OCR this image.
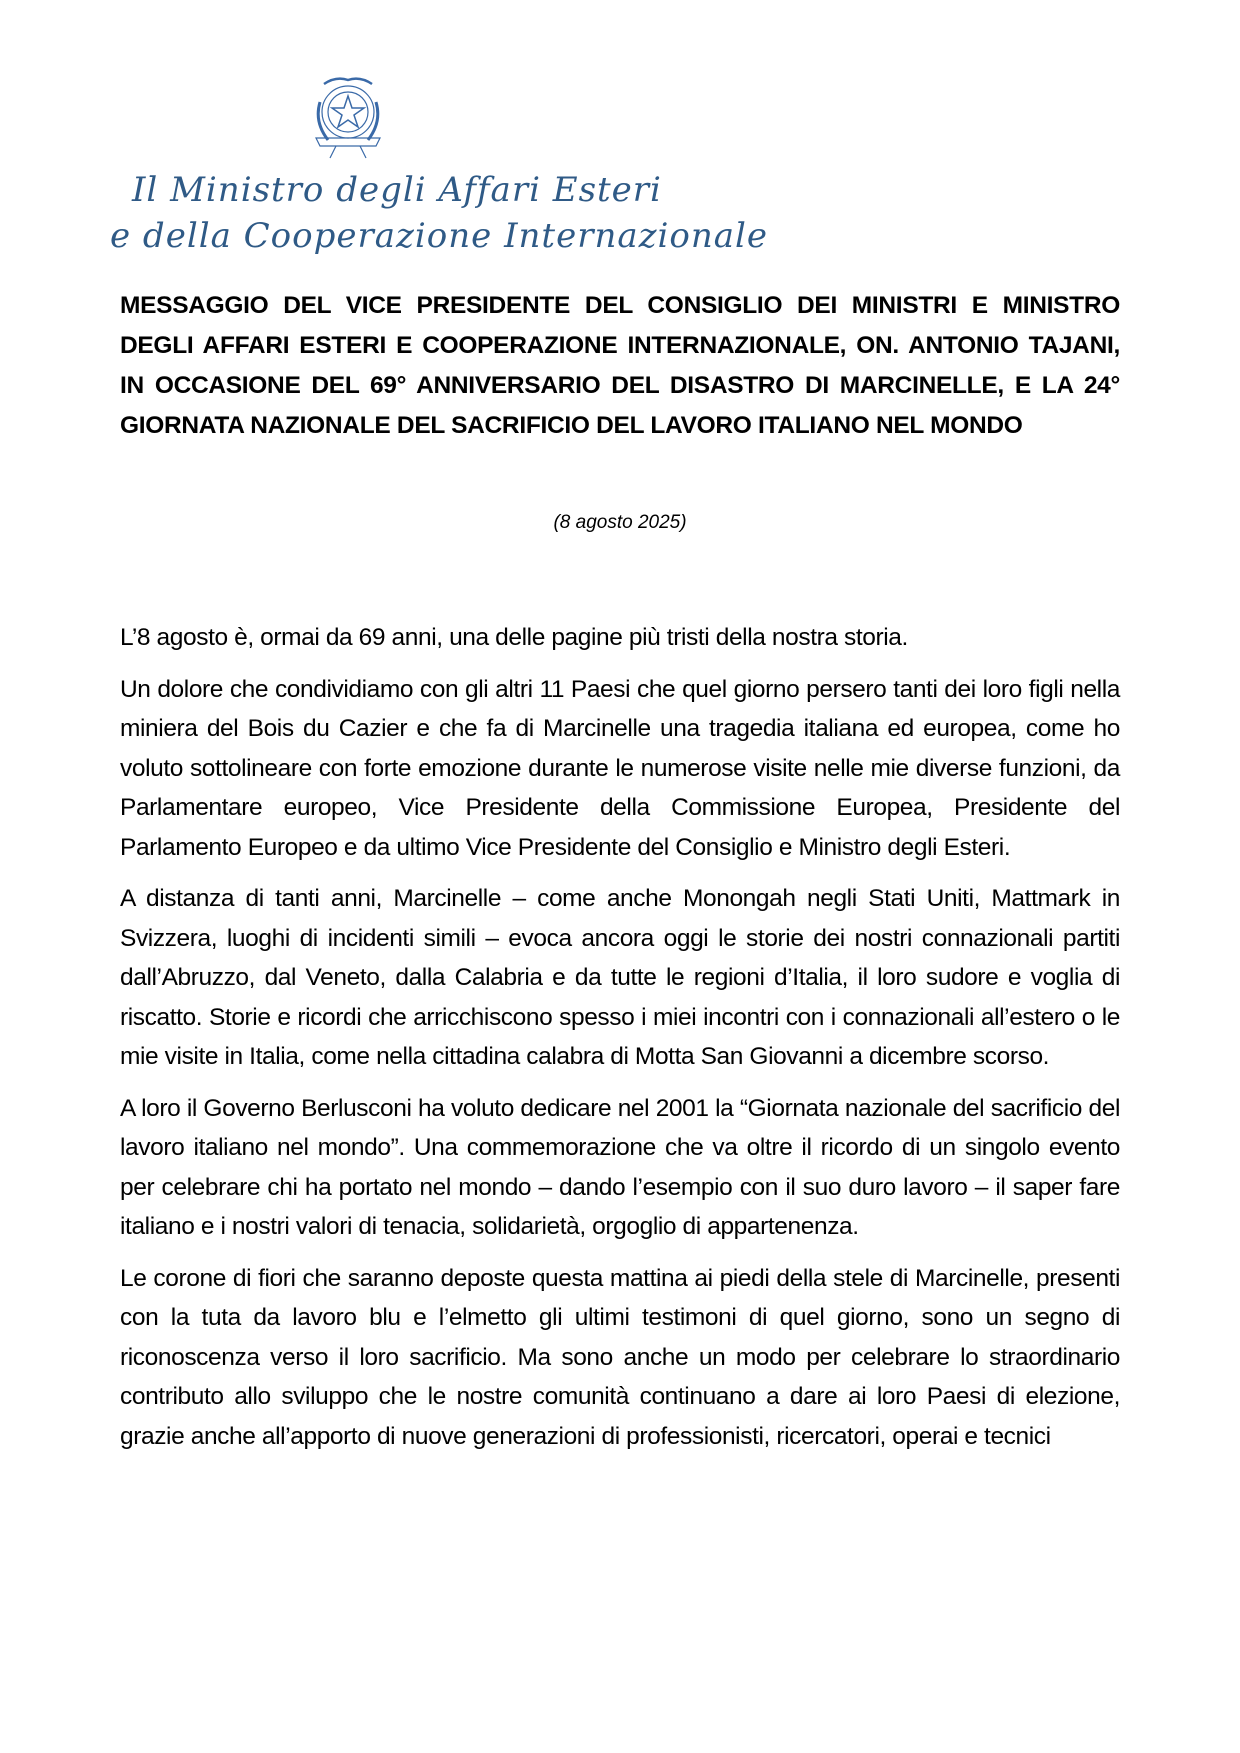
Il Ministro degli Affari Esteri
e della Cooperazione Internazionale
MESSAGGIO DEL VICE PRESIDENTE DEL CONSIGLIO DEI MINISTRI E MINISTRO DEGLI AFFARI ESTERI E COOPERAZIONE INTERNAZIONALE, ON. ANTONIO TAJANI, IN OCCASIONE DEL 69° ANNIVERSARIO DEL DISASTRO DI MARCINELLE, E LA 24° GIORNATA NAZIONALE DEL SACRIFICIO DEL LAVORO ITALIANO NEL MONDO
(8 agosto 2025)

L’8 agosto è, ormai da 69 anni, una delle pagine più tristi della nostra storia.

Un dolore che condividiamo con gli altri 11 Paesi che quel giorno persero tanti dei loro figli nella miniera del Bois du Cazier e che fa di Marcinelle una tragedia italiana ed europea, come ho voluto sottolineare con forte emozione durante le numerose visite nelle mie diverse funzioni, da Parlamentare europeo, Vice Presidente della Commissione Europea, Presidente del Parlamento Europeo e da ultimo Vice Presidente del Consiglio e Ministro degli Esteri.

A distanza di tanti anni, Marcinelle – come anche Monongah negli Stati Uniti, Mattmark in Svizzera, luoghi di incidenti simili – evoca ancora oggi le storie dei nostri connazionali partiti dall’Abruzzo, dal Veneto, dalla Calabria e da tutte le regioni d’Italia, il loro sudore e voglia di riscatto. Storie e ricordi che arricchiscono spesso i miei incontri con i connazionali all’estero o le mie visite in Italia, come nella cittadina calabra di Motta San Giovanni a dicembre scorso.

A loro il Governo Berlusconi ha voluto dedicare nel 2001 la “Giornata nazionale del sacrificio del lavoro italiano nel mondo”. Una commemorazione che va oltre il ricordo di un singolo evento per celebrare chi ha portato nel mondo – dando l’esempio con il suo duro lavoro – il saper fare italiano e i nostri valori di tenacia, solidarietà, orgoglio di appartenenza.

Le corone di fiori che saranno deposte questa mattina ai piedi della stele di Marcinelle, presenti con la tuta da lavoro blu e l’elmetto gli ultimi testimoni di quel giorno, sono un segno di riconoscenza verso il loro sacrificio. Ma sono anche un modo per celebrare lo straordinario contributo allo sviluppo che le nostre comunità continuano a dare ai loro Paesi di elezione, grazie anche all’apporto di nuove generazioni di professionisti, ricercatori, operai e tecnici
